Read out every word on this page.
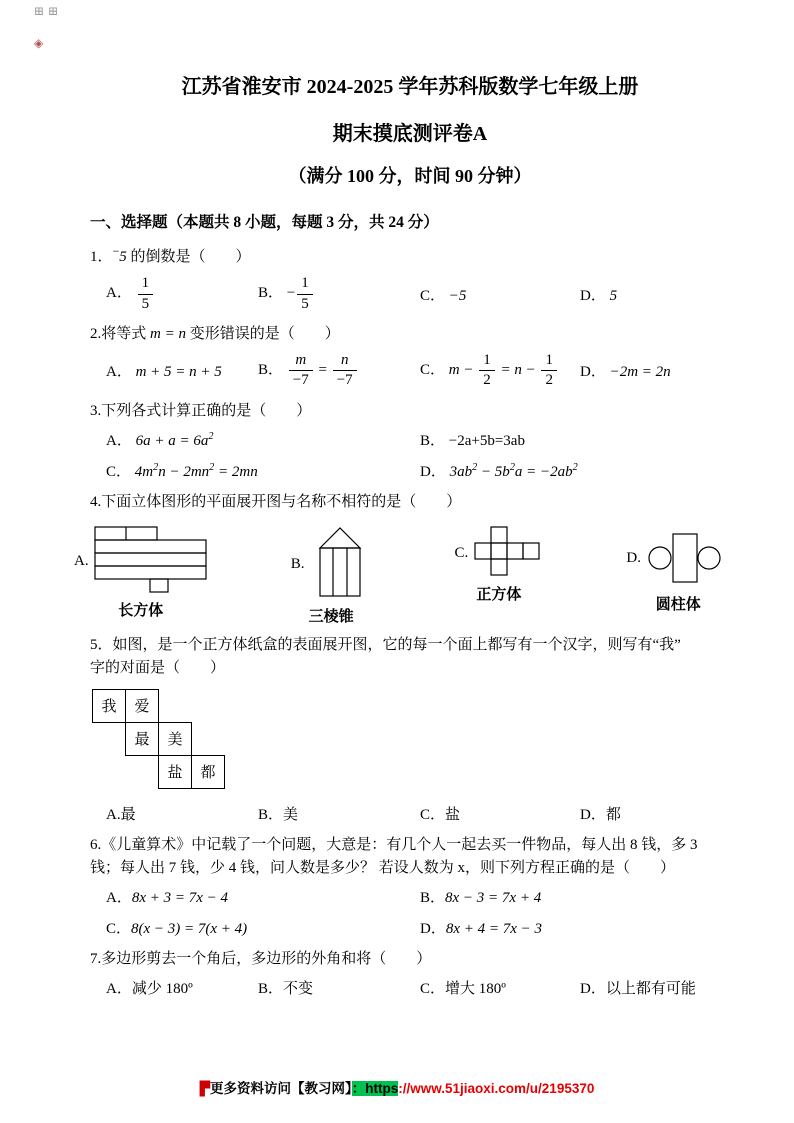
⊞⊞
◈
江苏省淮安市 2024-2025 学年苏科版数学七年级上册
期末摸底测评卷A
（满分 100 分，时间 90 分钟）
一、选择题（本题共 8 小题，每题 3 分，共 24 分）
1．−5 的倒数是（　　）
A． $\frac{1}{5}$	B． − $\frac{1}{5}$	C． −5	D． 5
2.将等式 m = n 变形错误的是（　　）
A． m + 5 = n + 5	B． $\frac{m}{-7} = \frac{n}{-7}$	C． $m - \frac{1}{2} = n - \frac{1}{2}$ D． −2m = 2n
3.下列各式计算正确的是（　　）
A． $6a + a = 6a^2$	B． −2a+5b=3ab
C． $4m^2n - 2mn^2 = 2mn$	D． $3ab^2 - 5b^2a = -2ab^2$
4.下面立体图形的平面展开图与名称不相符的是（　　）
A.
长方体
B.
三棱锥
C.
正方体
D.
圆柱体
5．如图，是一个正方体纸盒的表面展开图，它的每一个面上都写有一个汉字，则写有“我”
字的对面是（　　）
我	爱
最	美
盐	都
A.最	B．美	C．盐	D．都
6.《儿童算术》中记载了一个问题，大意是：有几个人一起去买一件物品，每人出 8 钱，多 3
钱；每人出 7 钱，少 4 钱，问人数是多少？ 若设人数为 x，则下列方程正确的是（　　）
A．8x + 3 = 7x − 4	B．8x − 3 = 7x + 4
C．8(x − 3) = 7(x + 4)	D．8x + 4 = 7x − 3
7.多边形剪去一个角后，多边形的外角和将（　　）
A．减少 180º	B．不变	C．增大 180º	D．以上都有可能
▛更多资料访问【教习网】：https://www.51jiaoxi.com/u/2195370
